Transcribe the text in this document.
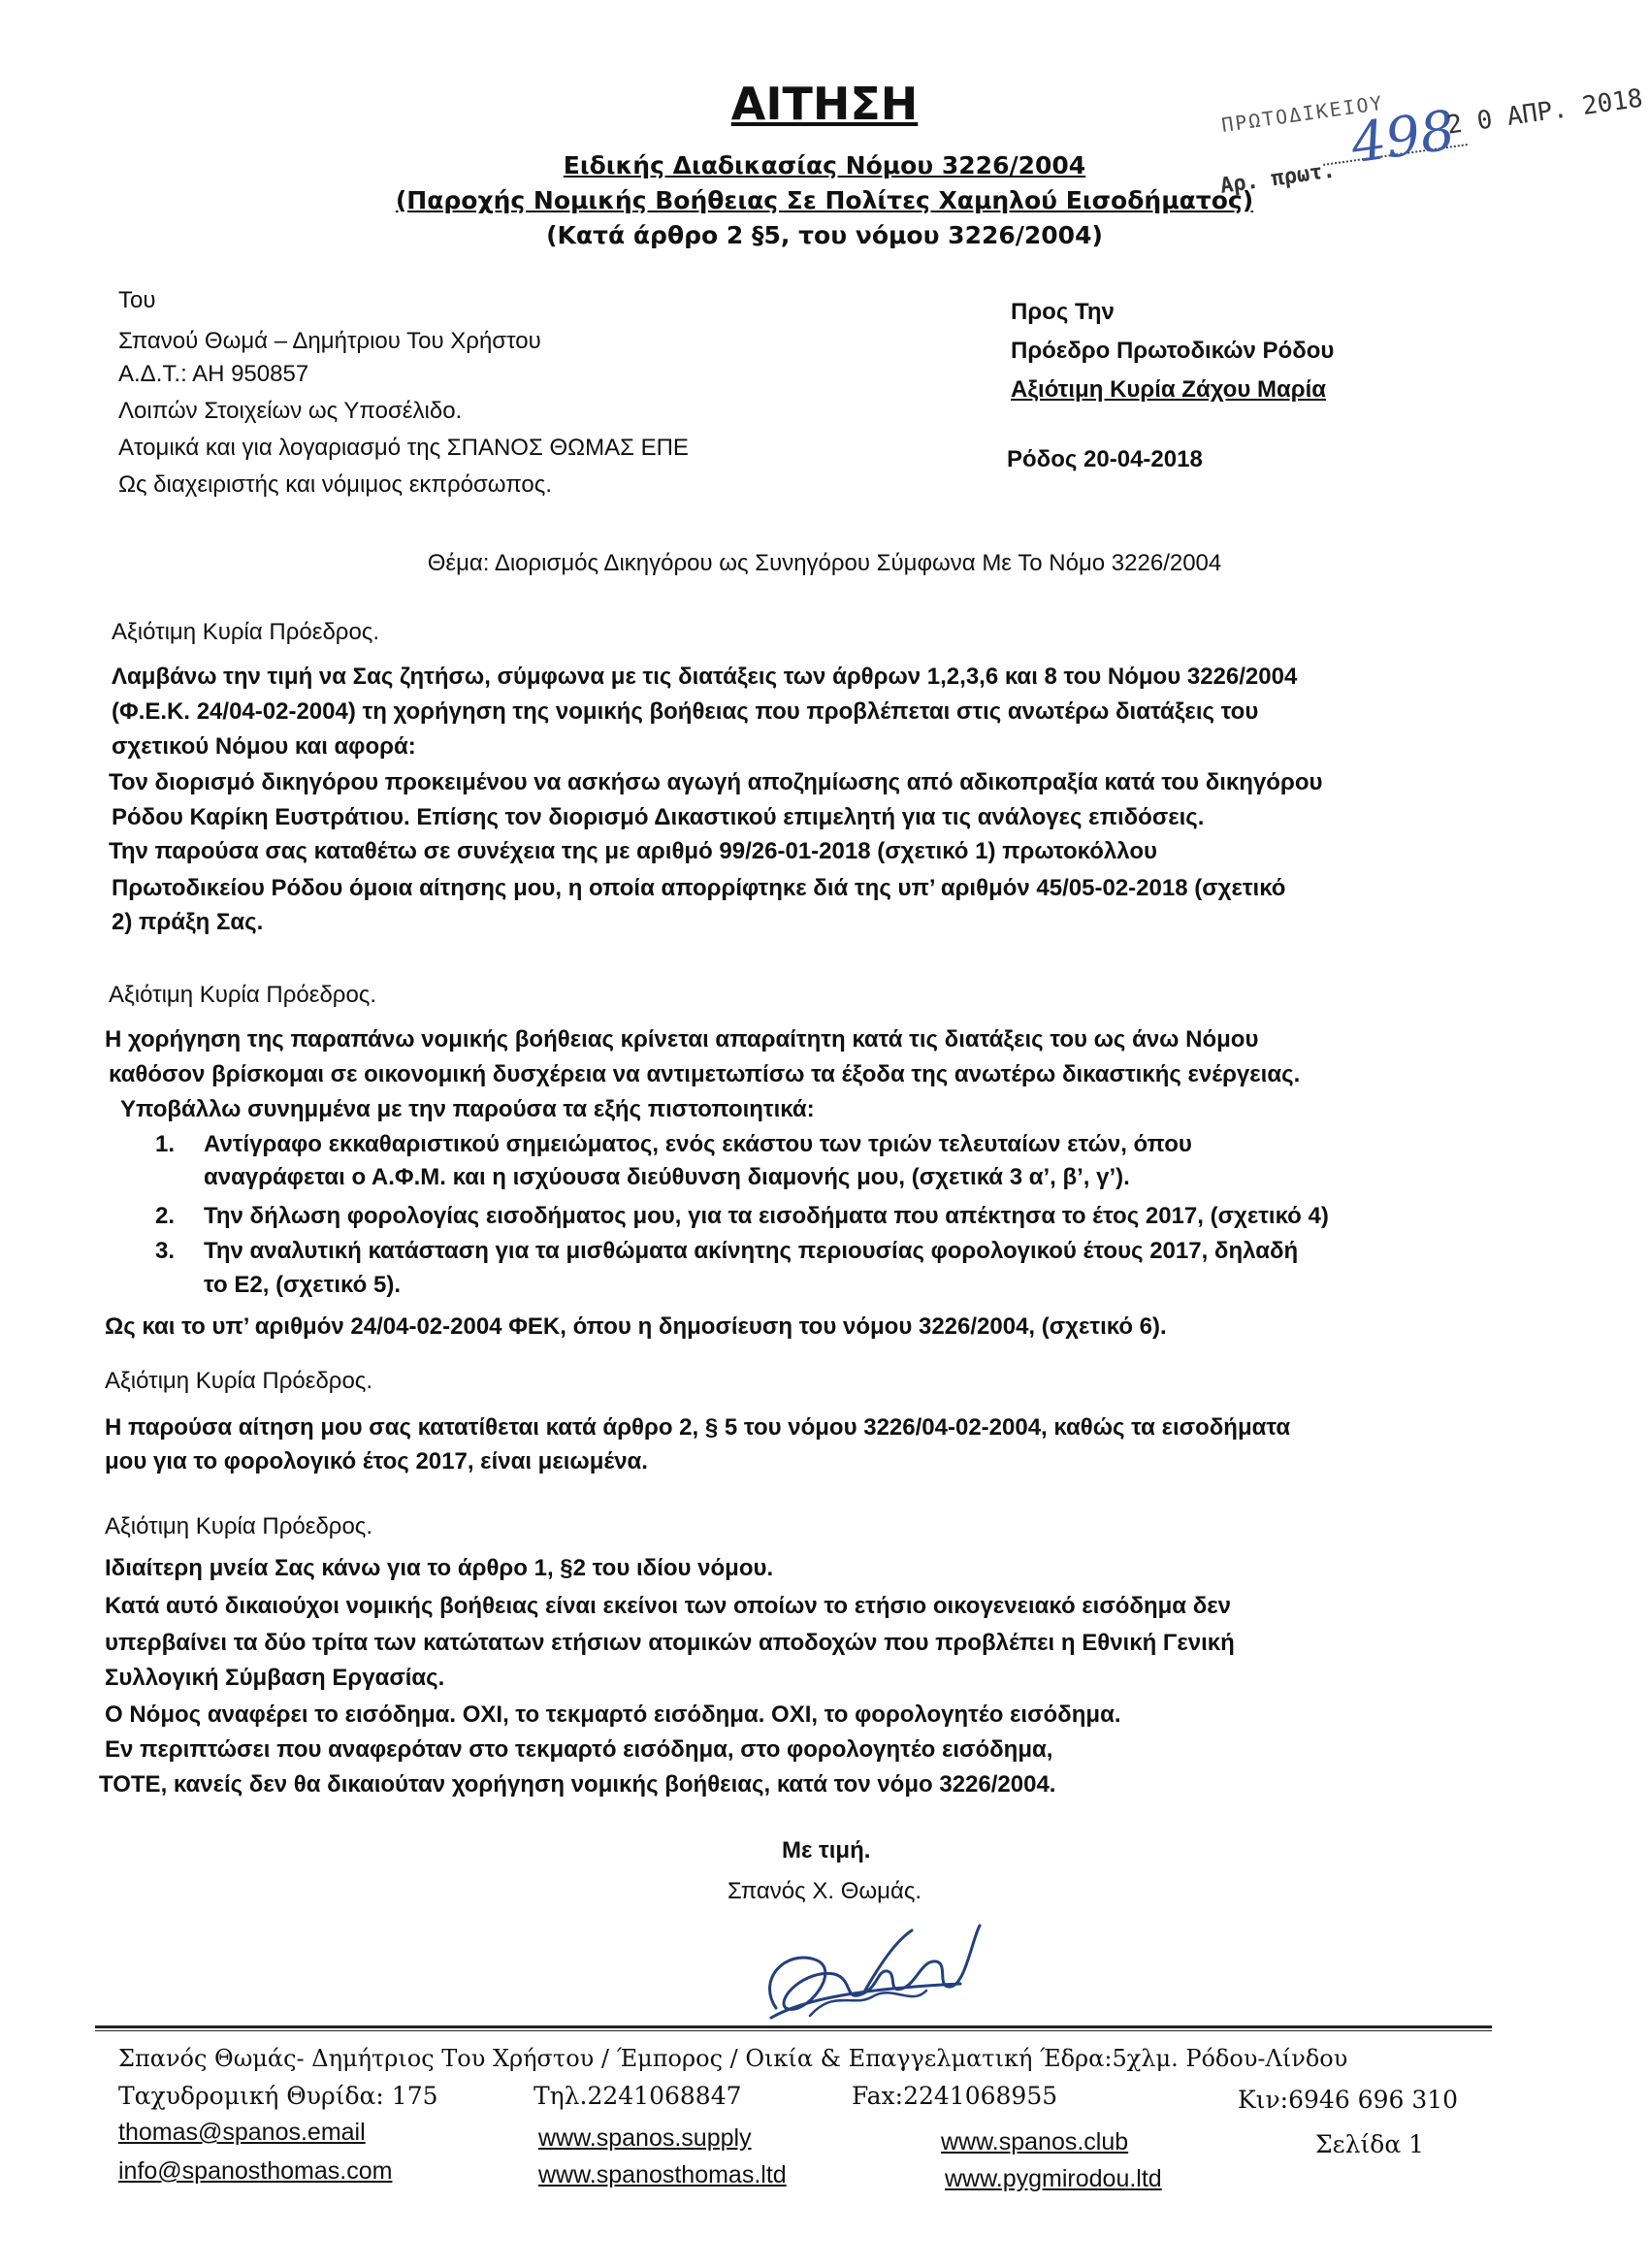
ΑΙΤΗΣΗ
Ειδικής Διαδικασίας Νόμου 3226/2004
(Παροχής Νομικής Βοήθειας Σε Πολίτες Χαμηλού Εισοδήματος)
(Κατά άρθρο 2 §5, του νόμου 3226/2004)
ΠΡΩΤΟΔΙΚΕΙΟΥ
Αρ. πρωτ.
498
2 0 ΑΠΡ. 2018
Του
Σπανού Θωμά – Δημήτριου Του Χρήστου
Α.Δ.Τ.: ΑΗ 950857
Λοιπών Στοιχείων ως Υποσέλιδο.
Ατομικά και για λογαριασμό της ΣΠΑΝΟΣ ΘΩΜΑΣ ΕΠΕ
Ως διαχειριστής και νόμιμος εκπρόσωπος.
Προς Την
Πρόεδρο Πρωτοδικών Ρόδου
Αξιότιμη Κυρία Ζάχου Μαρία
Ρόδος 20-04-2018
Θέμα: Διορισμός Δικηγόρου ως Συνηγόρου Σύμφωνα Με Το Νόμο 3226/2004
Αξιότιμη Κυρία Πρόεδρος.
Λαμβάνω την τιμή να Σας ζητήσω, σύμφωνα με τις διατάξεις των άρθρων 1,2,3,6 και 8 του Νόμου 3226/2004
(Φ.Ε.Κ. 24/04-02-2004) τη χορήγηση της νομικής βοήθειας που προβλέπεται στις ανωτέρω διατάξεις του
σχετικού Νόμου και αφορά:
Τον διορισμό δικηγόρου προκειμένου να ασκήσω αγωγή αποζημίωσης από αδικοπραξία κατά του δικηγόρου
Ρόδου Καρίκη Ευστράτιου. Επίσης τον διορισμό Δικαστικού επιμελητή για τις ανάλογες επιδόσεις.
Την παρούσα σας καταθέτω σε συνέχεια της με αριθμό 99/26-01-2018 (σχετικό 1) πρωτοκόλλου
Πρωτοδικείου Ρόδου όμοια αίτησης μου, η οποία απορρίφτηκε διά της υπ’ αριθμόν 45/05-02-2018 (σχετικό
2) πράξη Σας.
Αξιότιμη Κυρία Πρόεδρος.
Η χορήγηση της παραπάνω νομικής βοήθειας κρίνεται απαραίτητη κατά τις διατάξεις του ως άνω Νόμου
καθόσον βρίσκομαι σε οικονομική δυσχέρεια να αντιμετωπίσω τα έξοδα της ανωτέρω δικαστικής ενέργειας.
Υποβάλλω συνημμένα με την παρούσα τα εξής πιστοποιητικά:
1. Αντίγραφο εκκαθαριστικού σημειώματος, ενός εκάστου των τριών τελευταίων ετών, όπου
αναγράφεται ο Α.Φ.Μ. και η ισχύουσα διεύθυνση διαμονής μου, (σχετικά 3 α’, β’, γ’).
2. Την δήλωση φορολογίας εισοδήματος μου, για τα εισοδήματα που απέκτησα το έτος 2017, (σχετικό 4)
3. Την αναλυτική κατάσταση για τα μισθώματα ακίνητης περιουσίας φορολογικού έτους 2017, δηλαδή
το Ε2, (σχετικό 5).
Ως και το υπ’ αριθμόν 24/04-02-2004 ΦΕΚ, όπου η δημοσίευση του νόμου 3226/2004, (σχετικό 6).
Αξιότιμη Κυρία Πρόεδρος.
Η παρούσα αίτηση μου σας κατατίθεται κατά άρθρο 2, § 5 του νόμου 3226/04-02-2004, καθώς τα εισοδήματα
μου για το φορολογικό έτος 2017, είναι μειωμένα.
Αξιότιμη Κυρία Πρόεδρος.
Ιδιαίτερη μνεία Σας κάνω για το άρθρο 1, §2 του ιδίου νόμου.
Κατά αυτό δικαιούχοι νομικής βοήθειας είναι εκείνοι των οποίων το ετήσιο οικογενειακό εισόδημα δεν
υπερβαίνει τα δύο τρίτα των κατώτατων ετήσιων ατομικών αποδοχών που προβλέπει η Εθνική Γενική
Συλλογική Σύμβαση Εργασίας.
Ο Νόμος αναφέρει το εισόδημα. ΟΧΙ, το τεκμαρτό εισόδημα. ΟΧΙ, το φορολογητέο εισόδημα.
Εν περιπτώσει που αναφερόταν στο τεκμαρτό εισόδημα, στο φορολογητέο εισόδημα,
ΤΟΤΕ, κανείς δεν θα δικαιούταν χορήγηση νομικής βοήθειας, κατά τον νόμο 3226/2004.
Με τιμή.
Σπανός Χ. Θωμάς.
Σπανός Θωμάς- Δημήτριος Του Χρήστου / Έμπορος / Οικία & Επαγγελματική Έδρα:5χλμ. Ρόδου-Λίνδου
Ταχυδρομική Θυρίδα: 175	Τηλ.2241068847	Fax:2241068955	Κιν:6946 696 310
thomas@spanos.email	www.spanos.supply	www.spanos.club	Σελίδα 1
info@spanosthomas.com	www.spanosthomas.ltd	www.pygmirodou.ltd
